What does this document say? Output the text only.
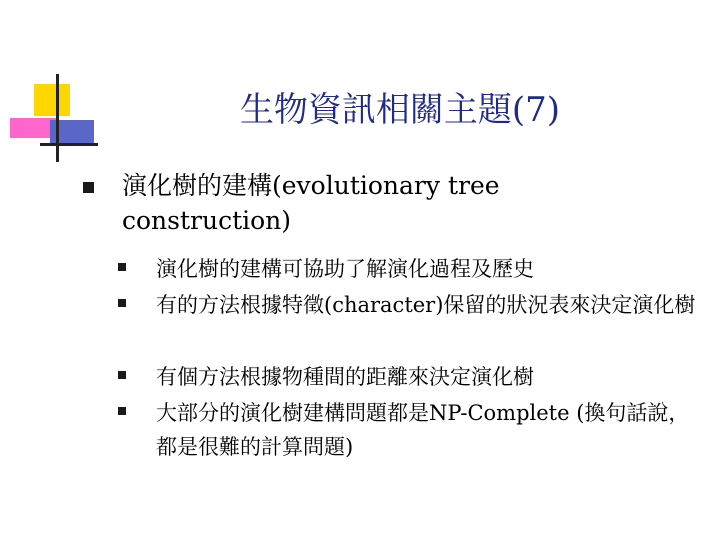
生物資訊相關主題(7)
演化樹的建構(evolutionary tree construction)
演化樹的建構可協助了解演化過程及歷史
有的方法根據特徵(character)保留的狀況表來決定演化樹
有個方法根據物種間的距離來決定演化樹
大部分的演化樹建構問題都是NP-Complete (換句話說，都是很難的計算問題)
